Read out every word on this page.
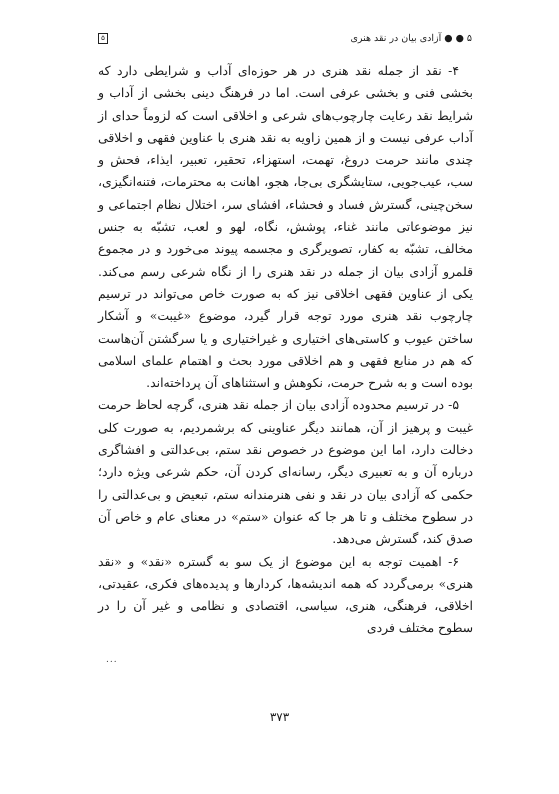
۵ ● ● آزادی بیان در نقد هنری
۵

۴- نقد از جمله نقد هنری در هر حوزه‌ای آداب و شرایطی دارد که بخشی فنی و بخشی عرفی است. اما در فرهنگ دینی بخشی از آداب و شرایط نقد رعایت چارچوب‌های شرعی و اخلاقی است که لزوماً حدای از آداب عرفی نیست و از همین زاویه به نقد هنری با عناوین فقهی و اخلاقی چندی مانند حرمت دروغ، تهمت، استهزاء، تحقیر، تعبیر، ایذاء، فحش و سب، عیب‌جویی، ستایشگری بی‌جا، هجو، اهانت به محترمات، فتنه‌انگیزی، سخن‌چینی، گسترش فساد و فحشاء، افشای سر، اختلال نظام اجتماعی و نیز موضوعاتی مانند غناء، پوشش، نگاه، لهو و لعب، تشبّه به جنس مخالف، تشبّه به کفار، تصویرگری و مجسمه پیوند می‌خورد و در مجموع قلمرو آزادی بیان از جمله در نقد هنری را از نگاه شرعی رسم می‌کند. یکی از عناوین فقهی اخلاقی نیز که به صورت خاص می‌تواند در ترسیم چارچوب نقد هنری مورد توجه قرار گیرد، موضوع «غیبت» و آشکار ساختن عیوب و کاستی‌های اختیاری و غیراختیاری و یا سرگشتن آن‌هاست که هم در منابع فقهی و هم اخلاقی مورد بحث و اهتمام علمای اسلامی بوده است و به شرح حرمت، نکوهش و استثناهای آن پرداخته‌اند.

۵- در ترسیم محدوده آزادی بیان از جمله نقد هنری، گرچه لحاظ حرمت غیبت و پرهیز از آن، همانند دیگر عناوینی که برشمردیم، به صورت کلی دخالت دارد، اما این موضوع در خصوص نقد ستم، بی‌عدالتی و افشاگری درباره آن و به تعبیری دیگر، رسانه‌ای کردن آن، حکم شرعی ویژه دارد؛ حکمی که آزادی بیان در نقد و نفی هنرمندانه ستم، تبعیض و بی‌عدالتی را در سطوح مختلف و تا هر جا که عنوان «ستم» در معنای عام و خاص آن صدق کند، گسترش می‌دهد.

۶- اهمیت توجه به این موضوع از یک سو به گستره «نقد» و «نقد هنری» برمی‌گردد که همه اندیشه‌ها، کردارها و پدیده‌های فکری، عقیدتی، اخلاقی، فرهنگی، هنری، سیاسی، اقتصادی و نظامی و غیر آن را در سطوح مختلف فردی

...
۳۷۳
